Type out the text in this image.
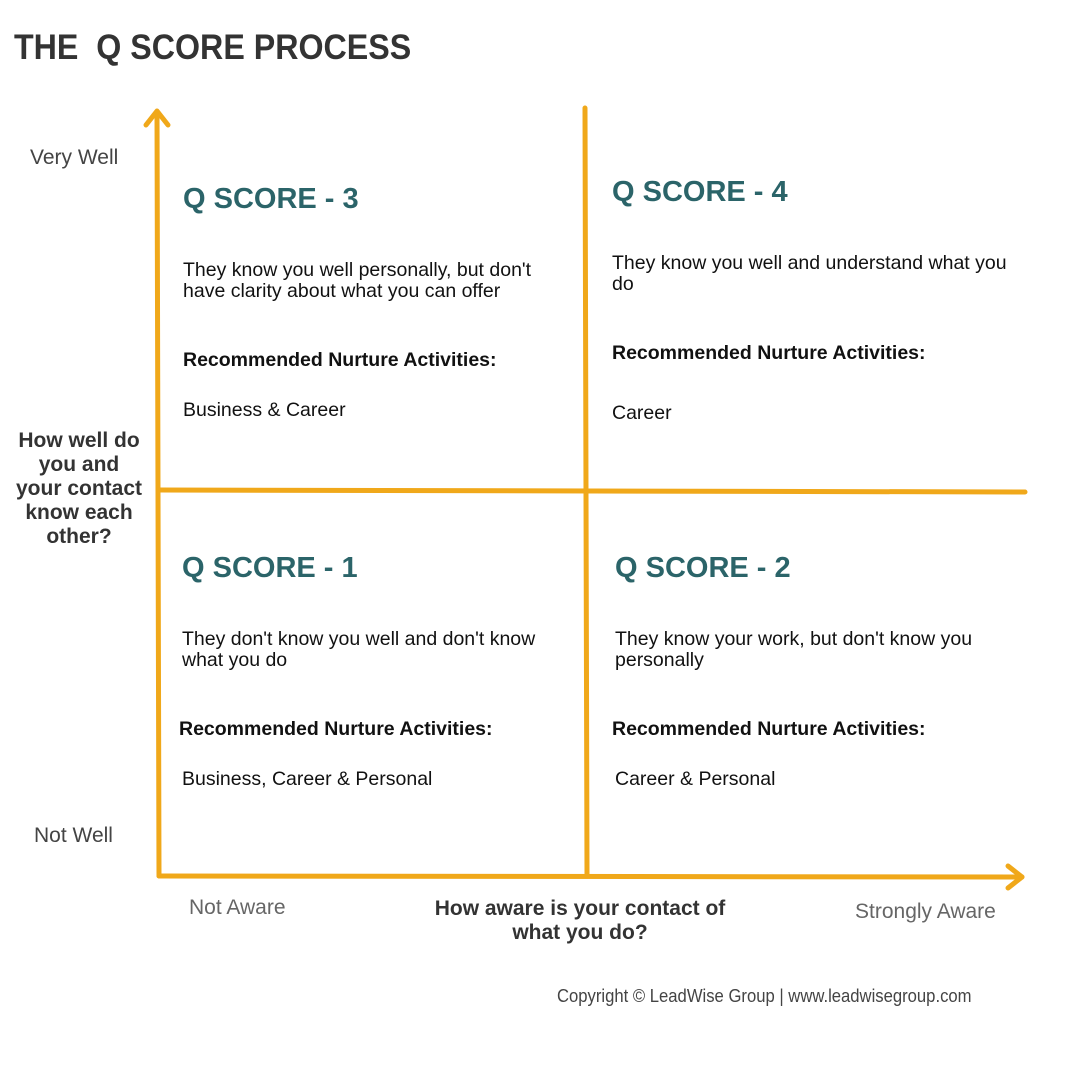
THE  Q SCORE PROCESS
Very Well
Not Well
How well do you and your contact know each other?
Not Aware	Strongly Aware
How aware is your contact of what you do?
Q SCORE - 3
They know you well personally, but don't have clarity about what you can offer
Recommended Nurture Activities:
Business & Career
Q SCORE - 4
They know you well and understand what you do
Recommended Nurture Activities:
Career
Q SCORE - 1
They don't know you well and don't know what you do
Recommended Nurture Activities:
Business, Career & Personal
Q SCORE - 2
They know your work, but don't know you personally
Recommended Nurture Activities:
Career & Personal
Copyright © LeadWise Group | www.leadwisegroup.com
